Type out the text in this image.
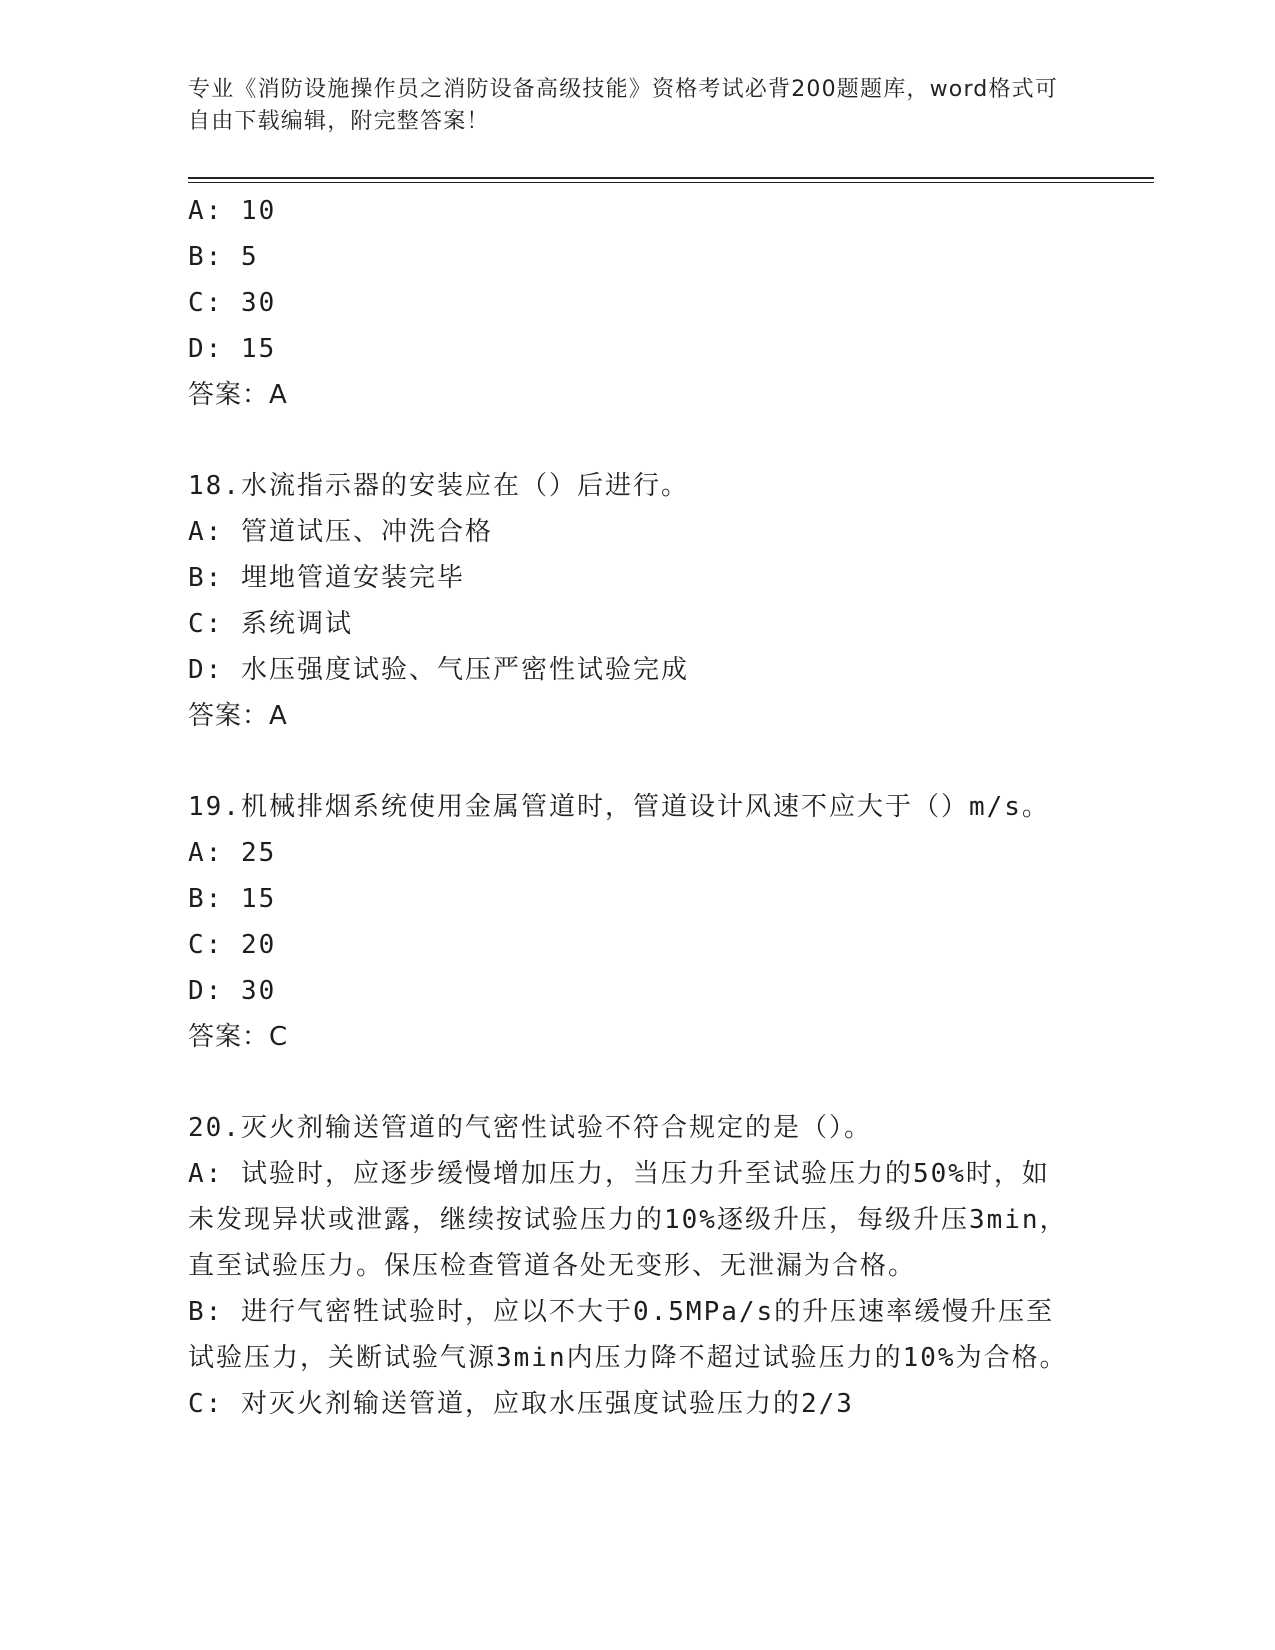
专业《消防设施操作员之消防设备高级技能》资格考试必背200题题库，word格式可自由下载编辑，附完整答案！
A: 10
B: 5
C: 30
D: 15
答案：A
18.水流指示器的安装应在（）后进行。
A: 管道试压、冲洗合格
B: 埋地管道安装完毕
C: 系统调试
D: 水压强度试验、气压严密性试验完成
答案：A
19.机械排烟系统使用金属管道时，管道设计风速不应大于（）m/s。
A: 25
B: 15
C: 20
D: 30
答案：C
20.灭火剂输送管道的气密性试验不符合规定的是（）。
A: 试验时，应逐步缓慢增加压力，当压力升至试验压力的50%时，如未发现异状或泄露，继续按试验压力的10%逐级升压，每级升压3min，直至试验压力。保压检查管道各处无变形、无泄漏为合格。
B: 进行气密牲试验时，应以不大于0.5MPa/s的升压速率缓慢升压至试验压力，关断试验气源3min内压力降不超过试验压力的10%为合格。
C: 对灭火剂输送管道，应取水压强度试验压力的2/3
